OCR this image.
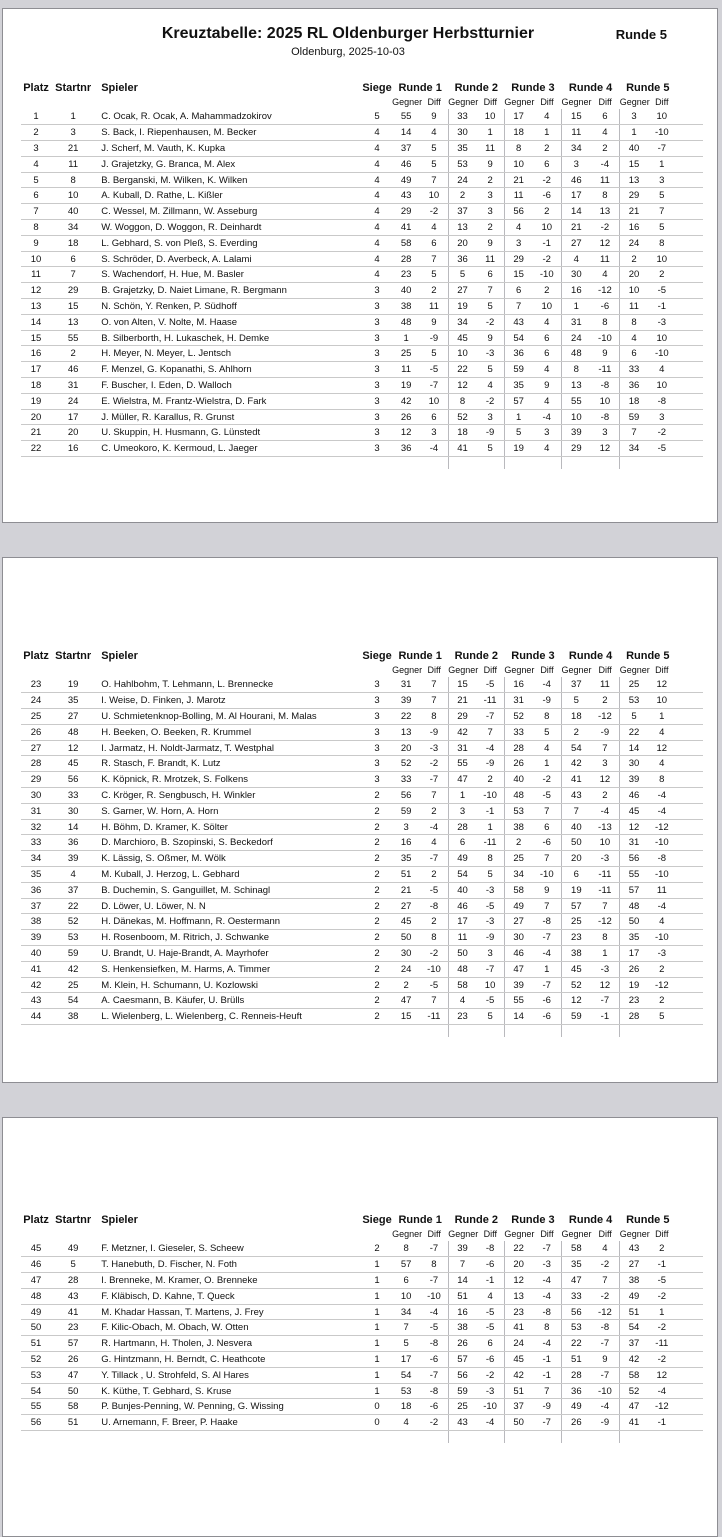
Kreuztabelle: 2025 RL Oldenburger Herbstturnier	Runde 5
Oldenburg, 2025-10-03
Platz	Startnr	Spieler	Siege	Runde 1		Runde 2		Runde 3		Runde 4		Runde 5		
				Gegner	Diff	Gegner	Diff	Gegner	Diff	Gegner	Diff	Gegner	Diff	
1	1	C. Ocak, R. Ocak, A. Mahammadzokirov	5	55	9	33	10	17	4	15	6	3	10	
2	3	S. Back, I. Riepenhausen, M. Becker	4	14	4	30	1	18	1	11	4	1	-10	
3	21	J. Scherf, M. Vauth, K. Kupka	4	37	5	35	11	8	2	34	2	40	-7	
4	11	J. Grajetzky, G. Branca, M. Alex	4	46	5	53	9	10	6	3	-4	15	1	
5	8	B. Berganski, M. Wilken, K. Wilken	4	49	7	24	2	21	-2	46	11	13	3	
6	10	A. Kuball, D. Rathe, L. Kißler	4	43	10	2	3	11	-6	17	8	29	5	
7	40	C. Wessel, M. Zillmann, W. Asseburg	4	29	-2	37	3	56	2	14	13	21	7	
8	34	W. Woggon, D. Woggon, R. Deinhardt	4	41	4	13	2	4	10	21	-2	16	5	
9	18	L. Gebhard, S. von Pleß, S. Everding	4	58	6	20	9	3	-1	27	12	24	8	
10	6	S. Schröder, D. Averbeck, A. Lalami	4	28	7	36	11	29	-2	4	11	2	10	
11	7	S. Wachendorf, H. Hue, M. Basler	4	23	5	5	6	15	-10	30	4	20	2	
12	29	B. Grajetzky, D. Naiet Limane, R. Bergmann	3	40	2	27	7	6	2	16	-12	10	-5	
13	15	N. Schön, Y. Renken, P. Südhoff	3	38	11	19	5	7	10	1	-6	11	-1	
14	13	O. von Alten, V. Nolte, M. Haase	3	48	9	34	-2	43	4	31	8	8	-3	
15	55	B. Silberborth, H. Lukaschek, H. Demke	3	1	-9	45	9	54	6	24	-10	4	10	
16	2	H. Meyer, N. Meyer, L. Jentsch	3	25	5	10	-3	36	6	48	9	6	-10	
17	46	F. Menzel, G. Kopanathi, S. Ahlhorn	3	11	-5	22	5	59	4	8	-11	33	4	
18	31	F. Buscher, I. Eden, D. Walloch	3	19	-7	12	4	35	9	13	-8	36	10	
19	24	E. Wielstra, M. Frantz-Wielstra, D. Fark	3	42	10	8	-2	57	4	55	10	18	-8	
20	17	J. Müller, R. Karallus, R. Grunst	3	26	6	52	3	1	-4	10	-8	59	3	
21	20	U. Skuppin, H. Husmann, G. Lünstedt	3	12	3	18	-9	5	3	39	3	7	-2	
22	16	C. Umeokoro, K. Kermoud, L. Jaeger	3	36	-4	41	5	19	4	29	12	34	-5	

Platz	Startnr	Spieler	Siege	Runde 1		Runde 2		Runde 3		Runde 4		Runde 5		
				Gegner	Diff	Gegner	Diff	Gegner	Diff	Gegner	Diff	Gegner	Diff	
23	19	O. Hahlbohm, T. Lehmann, L. Brennecke	3	31	7	15	-5	16	-4	37	11	25	12	
24	35	I. Weise, D. Finken, J. Marotz	3	39	7	21	-11	31	-9	5	2	53	10	
25	27	U. Schmietenknop-Bolling, M. Al Hourani, M. Malas	3	22	8	29	-7	52	8	18	-12	5	1	
26	48	H. Beeken, O. Beeken, R. Krummel	3	13	-9	42	7	33	5	2	-9	22	4	
27	12	I. Jarmatz, H. Noldt-Jarmatz, T. Westphal	3	20	-3	31	-4	28	4	54	7	14	12	
28	45	R. Stasch, F. Brandt, K. Lutz	3	52	-2	55	-9	26	1	42	3	30	4	
29	56	K. Köpnick, R. Mrotzek, S. Folkens	3	33	-7	47	2	40	-2	41	12	39	8	
30	33	C. Kröger, R. Sengbusch, H. Winkler	2	56	7	1	-10	48	-5	43	2	46	-4	
31	30	S. Garner, W. Horn, A. Horn	2	59	2	3	-1	53	7	7	-4	45	-4	
32	14	H. Böhm, D. Kramer, K. Sölter	2	3	-4	28	1	38	6	40	-13	12	-12	
33	36	D. Marchioro, B. Szopinski, S. Beckedorf	2	16	4	6	-11	2	-6	50	10	31	-10	
34	39	K. Lässig, S. Oßmer, M. Wölk	2	35	-7	49	8	25	7	20	-3	56	-8	
35	4	M. Kuball, J. Herzog, L. Gebhard	2	51	2	54	5	34	-10	6	-11	55	-10	
36	37	B. Duchemin, S. Ganguillet, M. Schinagl	2	21	-5	40	-3	58	9	19	-11	57	11	
37	22	D. Löwer, U. Löwer, N. N	2	27	-8	46	-5	49	7	57	7	48	-4	
38	52	H. Dänekas, M. Hoffmann, R. Oestermann	2	45	2	17	-3	27	-8	25	-12	50	4	
39	53	H. Rosenboom, M. Ritrich, J. Schwanke	2	50	8	11	-9	30	-7	23	8	35	-10	
40	59	U. Brandt, U. Haje-Brandt, A. Mayrhofer	2	30	-2	50	3	46	-4	38	1	17	-3	
41	42	S. Henkensiefken, M. Harms, A. Timmer	2	24	-10	48	-7	47	1	45	-3	26	2	
42	25	M. Klein, H. Schumann, U. Kozlowski	2	2	-5	58	10	39	-7	52	12	19	-12	
43	54	A. Caesmann, B. Käufer, U. Brülls	2	47	7	4	-5	55	-6	12	-7	23	2	
44	38	L. Wielenberg, L. Wielenberg, C. Renneis-Heuft	2	15	-11	23	5	14	-6	59	-1	28	5	

Platz	Startnr	Spieler	Siege	Runde 1		Runde 2		Runde 3		Runde 4		Runde 5		
				Gegner	Diff	Gegner	Diff	Gegner	Diff	Gegner	Diff	Gegner	Diff	
45	49	F. Metzner, I. Gieseler, S. Scheew	2	8	-7	39	-8	22	-7	58	4	43	2	
46	5	T. Hanebuth, D. Fischer, N. Foth	1	57	8	7	-6	20	-3	35	-2	27	-1	
47	28	I. Brenneke, M. Kramer, O. Brenneke	1	6	-7	14	-1	12	-4	47	7	38	-5	
48	43	F. Kläbisch, D. Kahne, T. Queck	1	10	-10	51	4	13	-4	33	-2	49	-2	
49	41	M. Khadar Hassan, T. Martens, J. Frey	1	34	-4	16	-5	23	-8	56	-12	51	1	
50	23	F. Kilic-Obach, M. Obach, W. Otten	1	7	-5	38	-5	41	8	53	-8	54	-2	
51	57	R. Hartmann, H. Tholen, J. Nesvera	1	5	-8	26	6	24	-4	22	-7	37	-11	
52	26	G. Hintzmann, H. Berndt, C. Heathcote	1	17	-6	57	-6	45	-1	51	9	42	-2	
53	47	Y. Tillack , U. Strohfeld, S. Al Hares	1	54	-7	56	-2	42	-1	28	-7	58	12	
54	50	K. Küthe, T. Gebhard, S. Kruse	1	53	-8	59	-3	51	7	36	-10	52	-4	
55	58	P. Bunjes-Penning, W. Penning, G. Wissing	0	18	-6	25	-10	37	-9	49	-4	47	-12	
56	51	U. Arnemann, F. Breer, P. Haake	0	4	-2	43	-4	50	-7	26	-9	41	-1	
